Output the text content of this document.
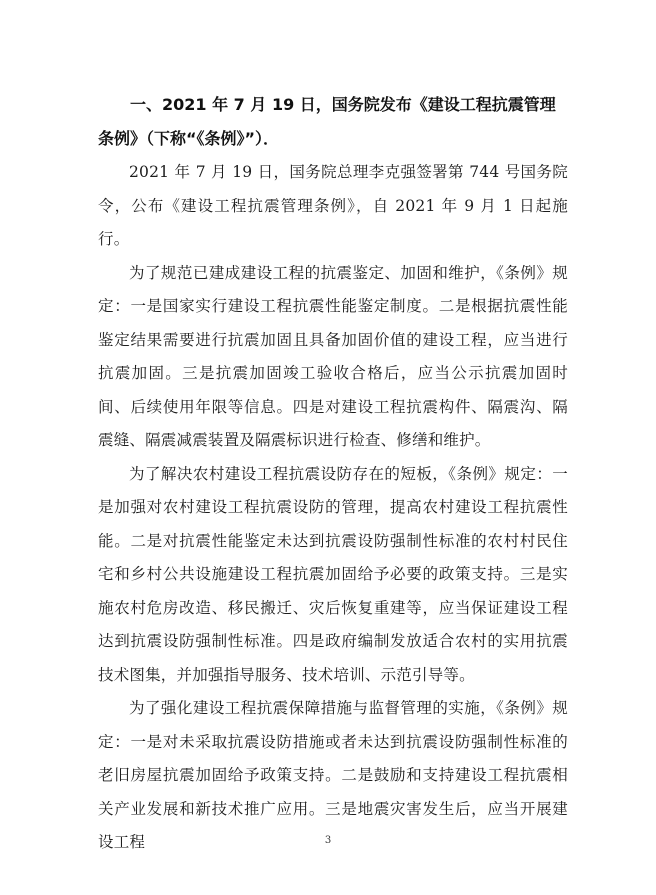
一、2021 年 7 月 19 日，国务院发布《建设工程抗震管理条例》（下称“《条例》”）．

2021 年 7 月 19 日，国务院总理李克强签署第 744 号国务院令，公布《建设工程抗震管理条例》，自 2021 年 9 月 1 日起施行。

为了规范已建成建设工程的抗震鉴定、加固和维护，《条例》规定：一是国家实行建设工程抗震性能鉴定制度。二是根据抗震性能鉴定结果需要进行抗震加固且具备加固价值的建设工程，应当进行抗震加固。三是抗震加固竣工验收合格后，应当公示抗震加固时间、后续使用年限等信息。四是对建设工程抗震构件、隔震沟、隔震缝、隔震减震装置及隔震标识进行检查、修缮和维护。

为了解决农村建设工程抗震设防存在的短板，《条例》规定：一是加强对农村建设工程抗震设防的管理，提高农村建设工程抗震性能。二是对抗震性能鉴定未达到抗震设防强制性标准的农村村民住宅和乡村公共设施建设工程抗震加固给予必要的政策支持。三是实施农村危房改造、移民搬迁、灾后恢复重建等，应当保证建设工程达到抗震设防强制性标准。四是政府编制发放适合农村的实用抗震技术图集，并加强指导服务、技术培训、示范引导等。

为了强化建设工程抗震保障措施与监督管理的实施，《条例》规定：一是对未采取抗震设防措施或者未达到抗震设防强制性标准的老旧房屋抗震加固给予政策支持。二是鼓励和支持建设工程抗震相关产业发展和新技术推广应用。三是地震灾害发生后，应当开展建设工程	3
